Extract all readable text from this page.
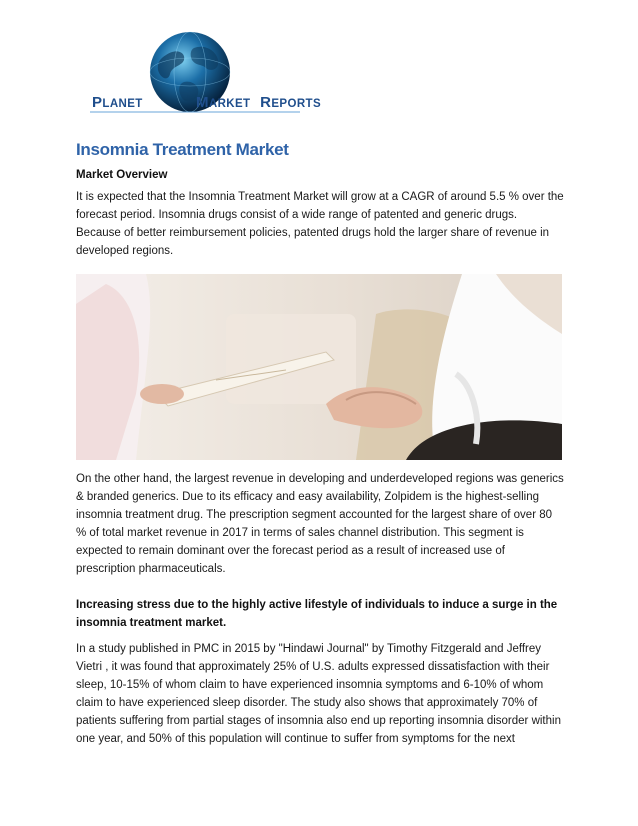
PLANET	MARKET REPORTS
Insomnia Treatment Market
Market Overview

It is expected that the Insomnia Treatment Market will grow at a CAGR of around 5.5 % over the forecast period. Insomnia drugs consist of a wide range of patented and generic drugs. Because of better reimbursement policies, patented drugs hold the larger share of revenue in developed regions.

On the other hand, the largest revenue in developing and underdeveloped regions was generics & branded generics. Due to its efficacy and easy availability, Zolpidem is the highest-selling insomnia treatment drug. The prescription segment accounted for the largest share of over 80 % of total market revenue in 2017 in terms of sales channel distribution. This segment is expected to remain dominant over the forecast period as a result of increased use of prescription pharmaceuticals.

Increasing stress due to the highly active lifestyle of individuals to induce a surge in the insomnia treatment market.

In a study published in PMC in 2015 by "Hindawi Journal" by Timothy Fitzgerald and Jeffrey Vietri , it was found that approximately 25% of U.S. adults expressed dissatisfaction with their sleep, 10-15% of whom claim to have experienced insomnia symptoms and 6-10% of whom claim to have experienced sleep disorder. The study also shows that approximately 70% of patients suffering from partial stages of insomnia also end up reporting insomnia disorder within one year, and 50% of this population will continue to suffer from symptoms for the next
